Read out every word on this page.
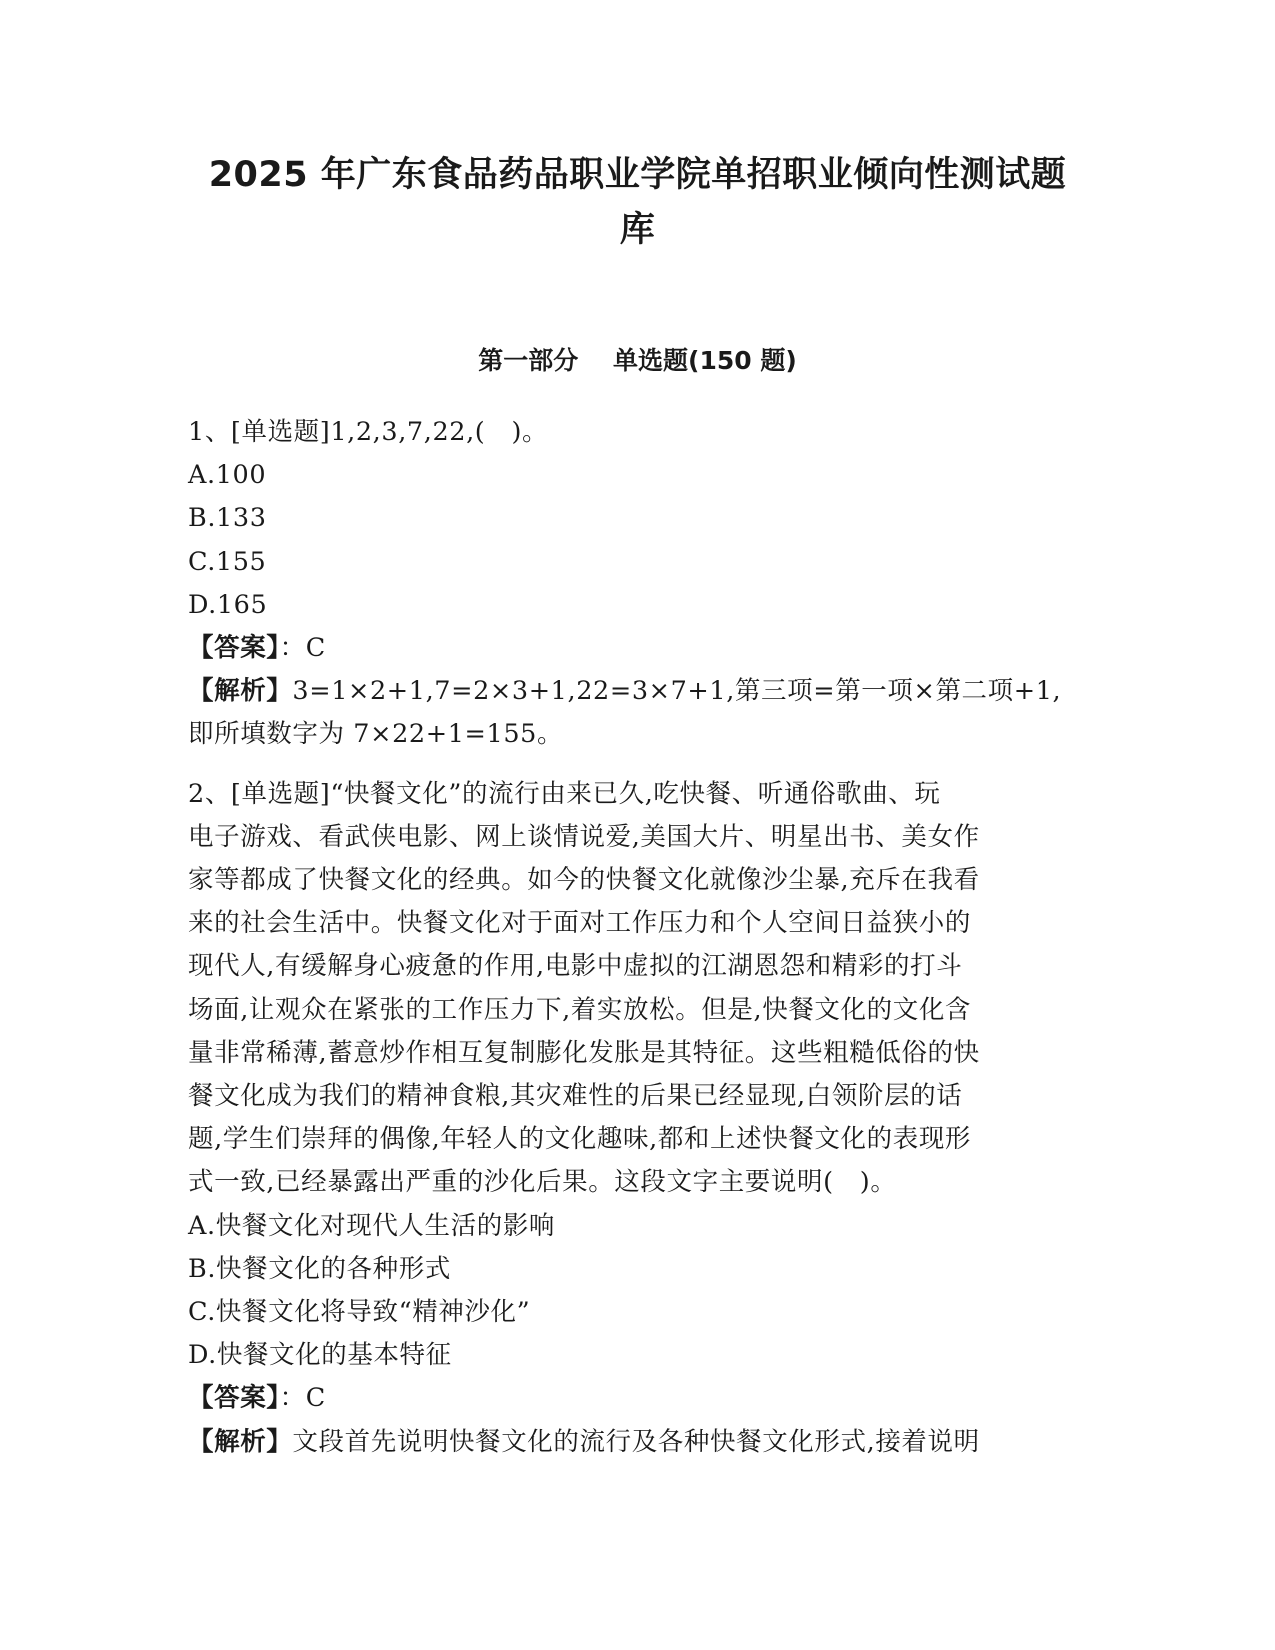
2025 年广东食品药品职业学院单招职业倾向性测试题
库
第一部分    单选题(150 题)
1、[单选题]1,2,3,7,22,(   )。
A.100
B.133
C.155
D.165
【答案】：C
【解析】3=1×2+1,7=2×3+1,22=3×7+1,第三项=第一项×第二项+1,
即所填数字为 7×22+1=155。
2、[单选题]“快餐文化”的流行由来已久,吃快餐、听通俗歌曲、玩
电子游戏、看武侠电影、网上谈情说爱,美国大片、明星出书、美女作
家等都成了快餐文化的经典。如今的快餐文化就像沙尘暴,充斥在我看
来的社会生活中。快餐文化对于面对工作压力和个人空间日益狭小的
现代人,有缓解身心疲惫的作用,电影中虚拟的江湖恩怨和精彩的打斗
场面,让观众在紧张的工作压力下,着实放松。但是,快餐文化的文化含
量非常稀薄,蓄意炒作相互复制膨化发胀是其特征。这些粗糙低俗的快
餐文化成为我们的精神食粮,其灾难性的后果已经显现,白领阶层的话
题,学生们崇拜的偶像,年轻人的文化趣味,都和上述快餐文化的表现形
式一致,已经暴露出严重的沙化后果。这段文字主要说明(   )。
A.快餐文化对现代人生活的影响
B.快餐文化的各种形式
C.快餐文化将导致“精神沙化”
D.快餐文化的基本特征
【答案】：C
【解析】文段首先说明快餐文化的流行及各种快餐文化形式,接着说明
